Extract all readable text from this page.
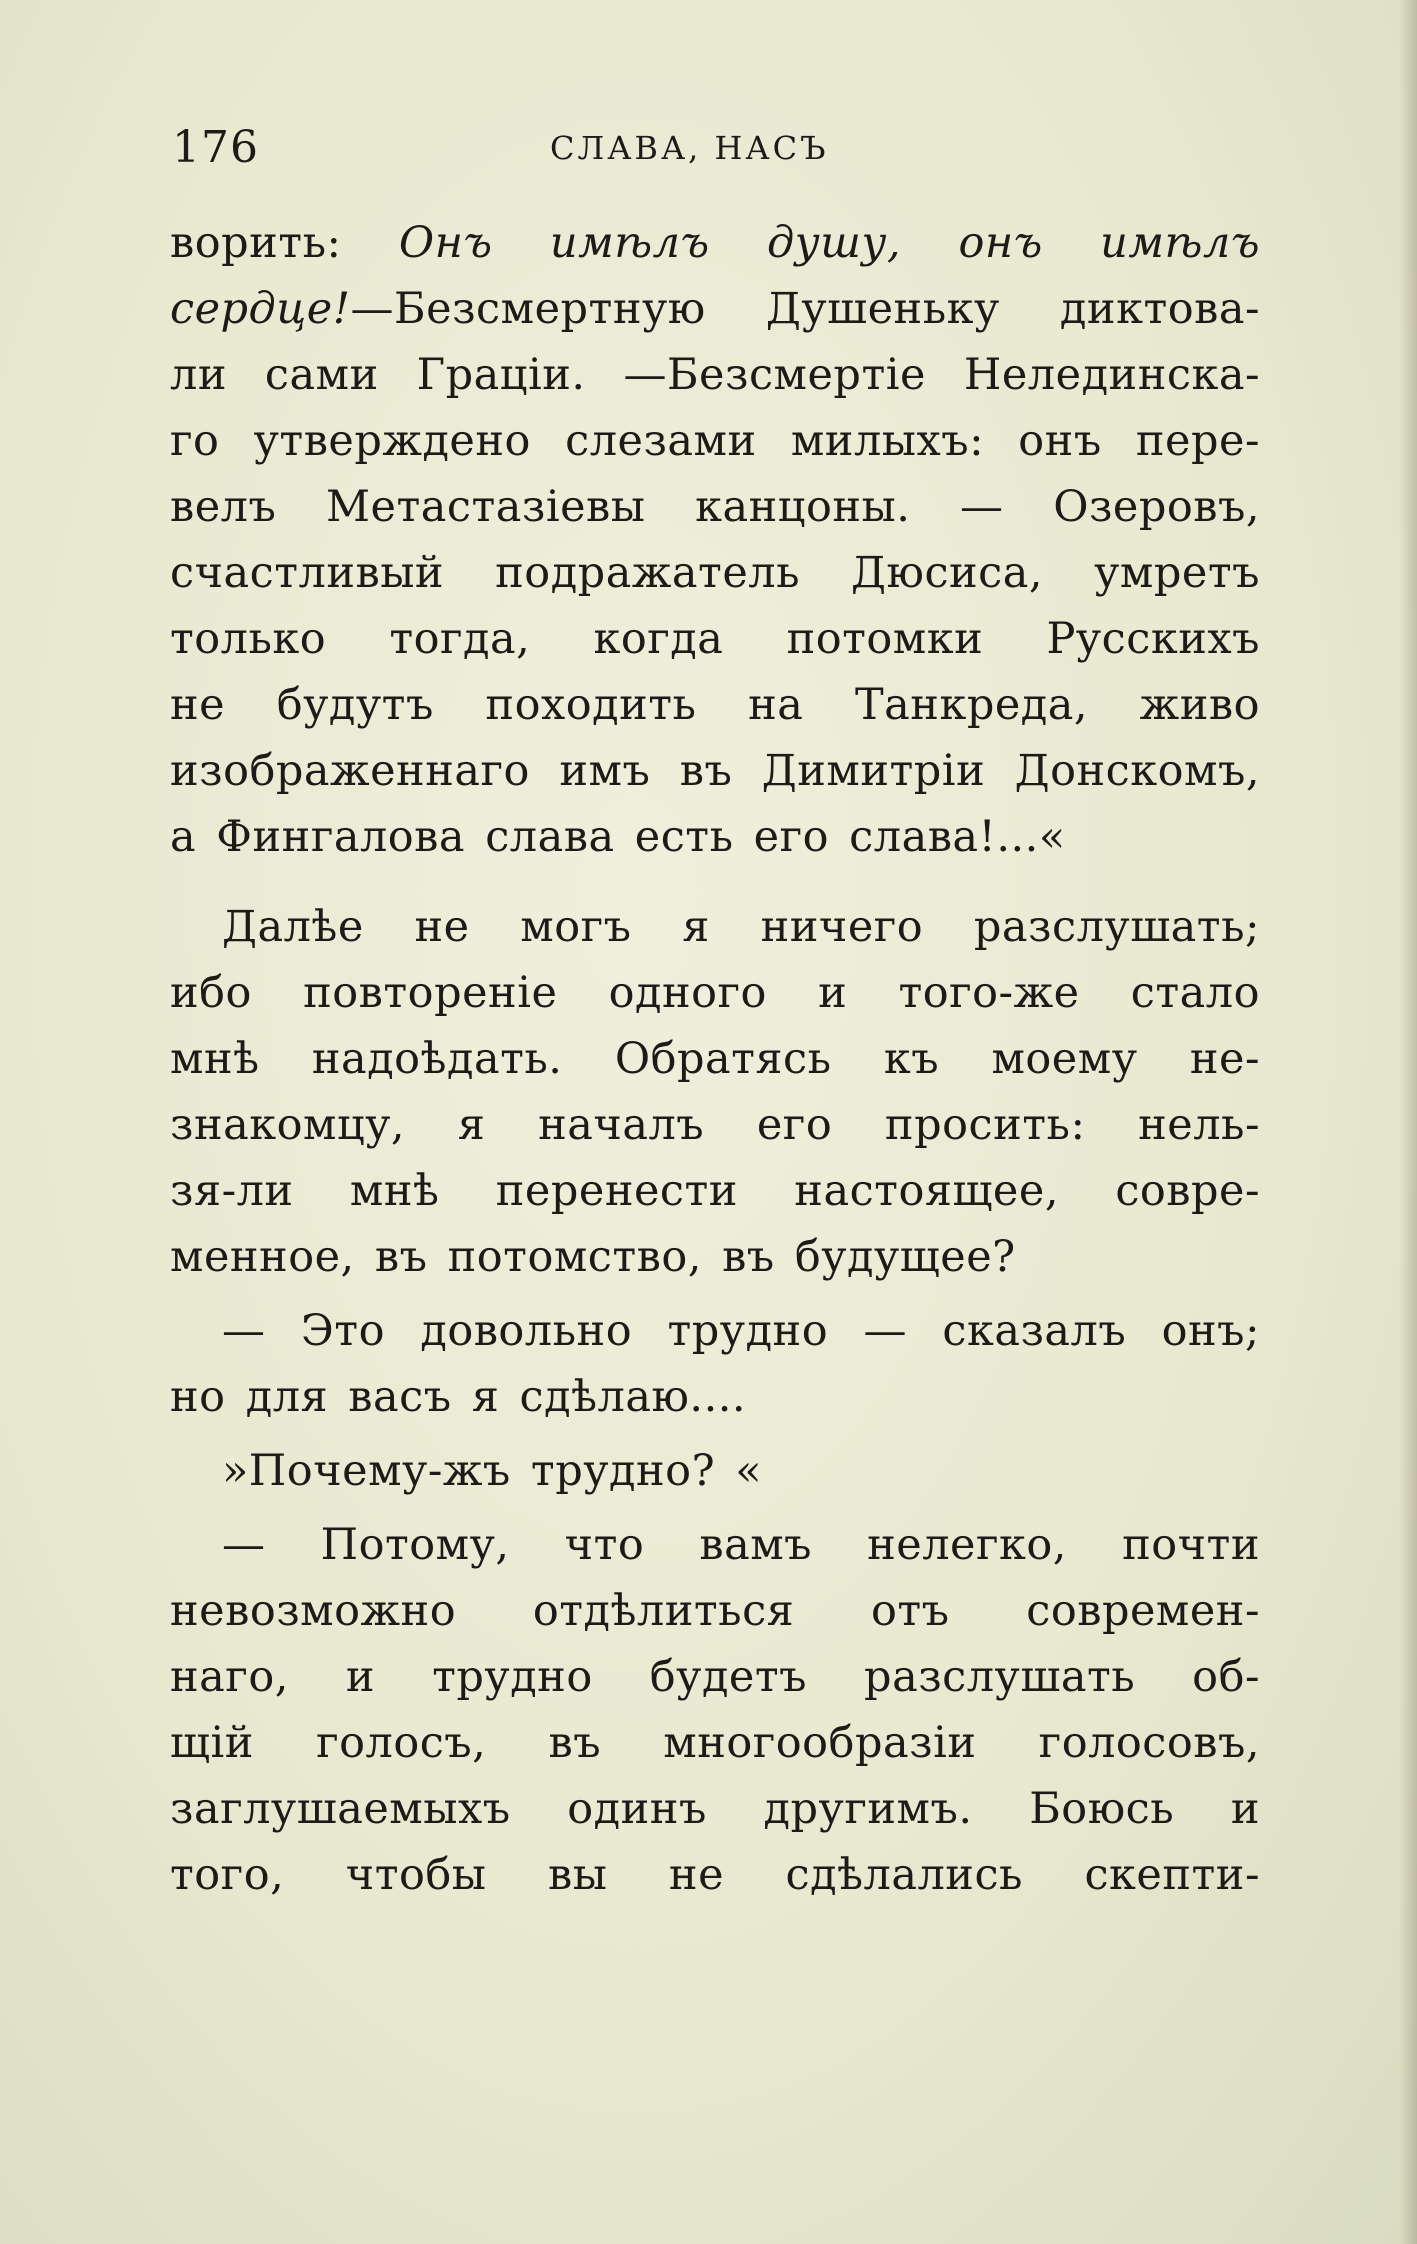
176	СЛАВА, НАСЪ
ворить: Онъ имѣлъ душу, онъ имѣлъ
сердце!—Безсмертную Душеньку диктова-
ли сами Граціи. —Безсмертіе Нелединска-
го утверждено слезами милыхъ: онъ пере-
велъ Метастазіевы канцоны. — Озеровъ,
счастливый подражатель Дюсиса, умретъ
только тогда, когда потомки Русскихъ
не будутъ походить на Танкреда, живо
изображеннаго имъ въ Димитріи Донскомъ,
а Фингалова слава есть его слава!...«
Далѣе не могъ я ничего разслушать;
ибо повтореніе одного и того-же стало
мнѣ надоѣдать. Обратясь къ моему не-
знакомцу, я началъ его просить: нель-
зя-ли мнѣ перенести настоящее, совре-
менное, въ потомство, въ будущее?
— Это довольно трудно — сказалъ онъ;
но для васъ я сдѣлаю....
»Почему-жъ трудно? «
— Потому, что вамъ нелегко, почти
невозможно отдѣлиться отъ современ-
наго, и трудно будетъ разслушать об-
щій голосъ, въ многообразіи голосовъ,
заглушаемыхъ одинъ другимъ. Боюсь и
того, чтобы вы не сдѣлались скепти-
